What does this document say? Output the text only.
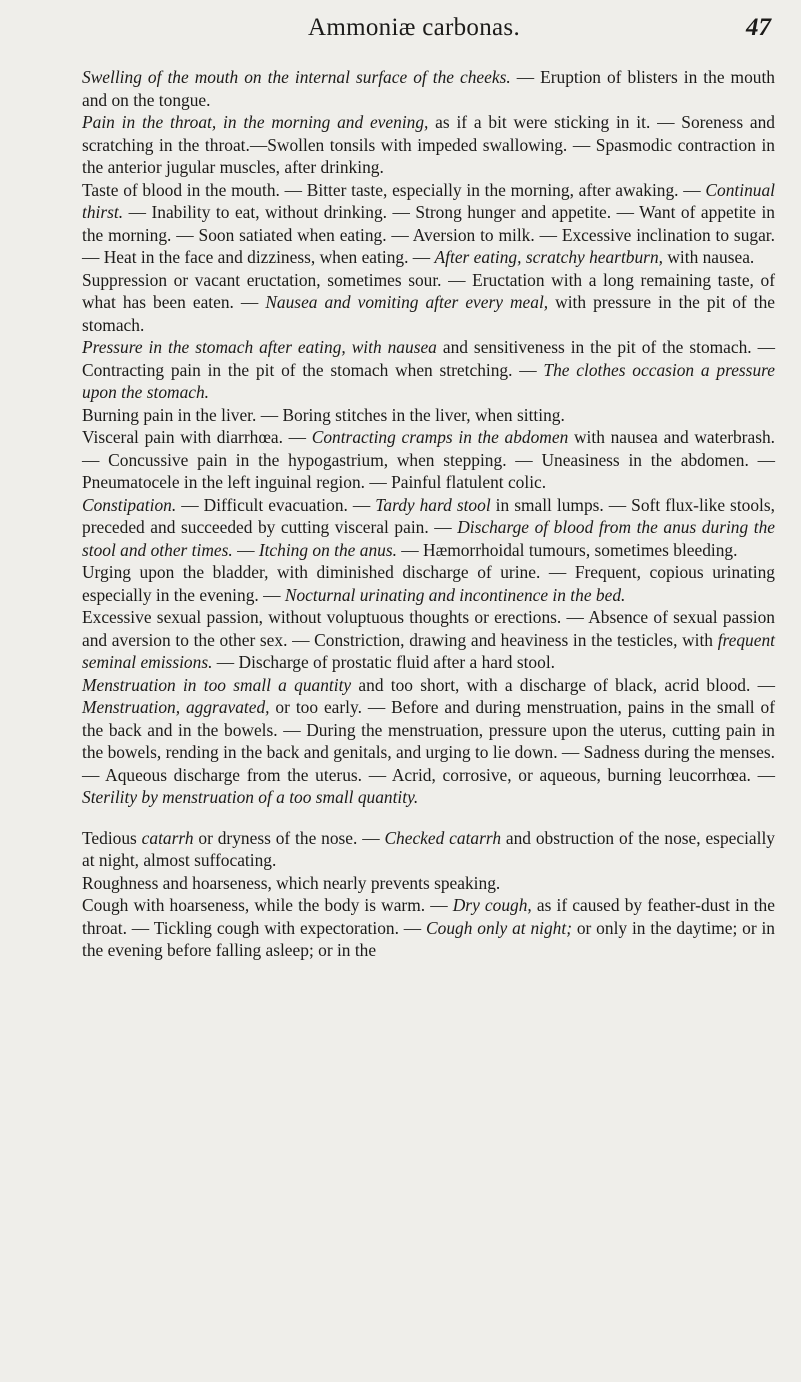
Ammoniæ carbonas.	47

Swelling of the mouth on the internal surface of the cheeks. — Eruption of blisters in the mouth and on the tongue.

Pain in the throat, in the morning and evening, as if a bit were sticking in it. — Soreness and scratching in the throat.—Swollen tonsils with impeded swallowing. — Spasmodic contraction in the anterior jugular muscles, after drinking.

Taste of blood in the mouth. — Bitter taste, especially in the morning, after awaking. — Continual thirst. — Inability to eat, without drinking. — Strong hunger and appetite. — Want of appetite in the morning. — Soon satiated when eating. — Aversion to milk. — Excessive inclination to sugar. — Heat in the face and dizziness, when eating. — After eating, scratchy heartburn, with nausea.

Suppression or vacant eructation, sometimes sour. — Eructation with a long remaining taste, of what has been eaten. — Nausea and vomiting after every meal, with pressure in the pit of the stomach.

Pressure in the stomach after eating, with nausea and sensitiveness in the pit of the stomach. — Contracting pain in the pit of the stomach when stretching. — The clothes occasion a pressure upon the stomach.

Burning pain in the liver. — Boring stitches in the liver, when sitting.

Visceral pain with diarrhœa. — Contracting cramps in the abdomen with nausea and waterbrash. — Concussive pain in the hypogastrium, when stepping. — Uneasiness in the abdomen. — Pneumatocele in the left inguinal region. — Painful flatulent colic.

Constipation. — Difficult evacuation. — Tardy hard stool in small lumps. — Soft flux-like stools, preceded and succeeded by cutting visceral pain. — Discharge of blood from the anus during the stool and other times. — Itching on the anus. — Hæmorrhoidal tumours, sometimes bleeding.

Urging upon the bladder, with diminished discharge of urine. — Frequent, copious urinating especially in the evening. — Nocturnal urinating and incontinence in the bed.

Excessive sexual passion, without voluptuous thoughts or erections. — Absence of sexual passion and aversion to the other sex. — Constriction, drawing and heaviness in the testicles, with frequent seminal emissions. — Discharge of prostatic fluid after a hard stool.

Menstruation in too small a quantity and too short, with a discharge of black, acrid blood. — Menstruation, aggravated, or too early. — Before and during menstruation, pains in the small of the back and in the bowels. — During the menstruation, pressure upon the uterus, cutting pain in the bowels, rending in the back and genitals, and urging to lie down. — Sadness during the menses. — Aqueous discharge from the uterus. — Acrid, corrosive, or aqueous, burning leucorrhœa. — Sterility by menstruation of a too small quantity.

Tedious catarrh or dryness of the nose. — Checked catarrh and obstruction of the nose, especially at night, almost suffocating.

Roughness and hoarseness, which nearly prevents speaking.

Cough with hoarseness, while the body is warm. — Dry cough, as if caused by feather-dust in the throat. — Tickling cough with expectoration. — Cough only at night; or only in the daytime; or in the evening before falling asleep; or in the
